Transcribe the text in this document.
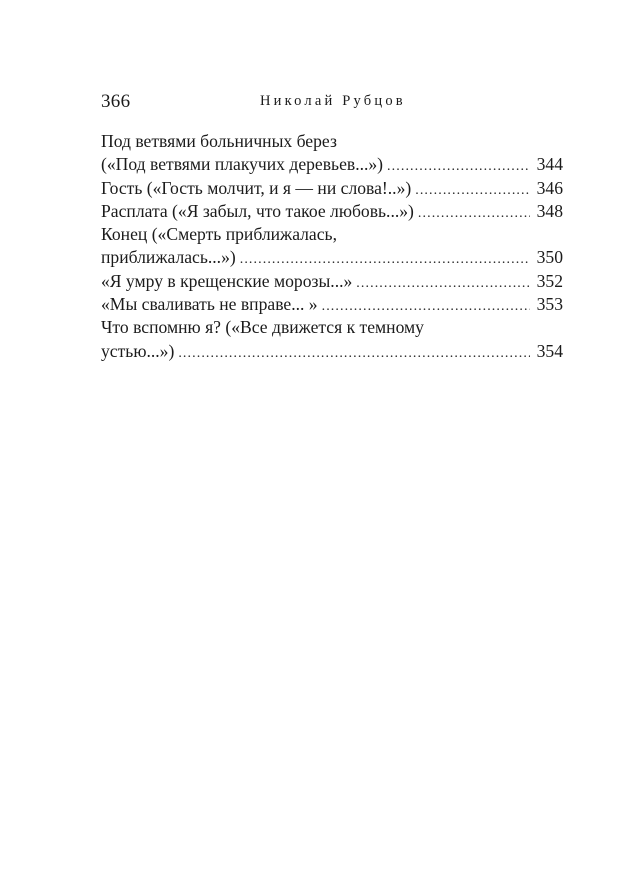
366	Николай Рубцов
Под ветвями больничных берез
(«Под ветвями плакучих деревьев...») . . .	344
Гость («Гость молчит, и я — ни слова!..») . . .	346
Расплата («Я забыл, что такое любовь...») . . .	348
Конец («Смерть приближалась,
приближалась...») . . .	350
«Я умру в крещенские морозы...» . . .	352
«Мы сваливать не вправе... » . . .	353
Что вспомню я? («Все движется к темному
устью...») . . .	354
